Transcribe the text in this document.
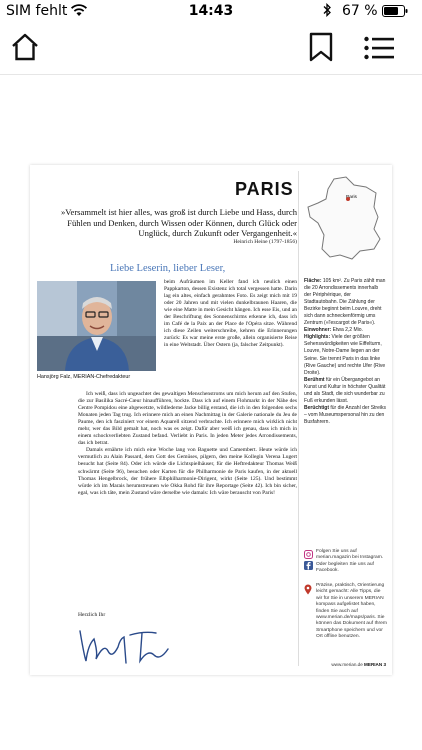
SIM fehlt	14:43	67 %
PARIS
»Versammelt ist hier alles, was groß ist durch Liebe und Hass, durch Fühlen und Denken, durch Wissen oder Können, durch Glück oder Unglück, durch Zukunft oder Vergangenheit.«
Heinrich Heine (1797-1856)
Liebe Leserin, lieber Leser,
Hansjörg Falz, MERIAN-Chefredakteur
beim Aufräumen im Keller fand ich neulich einen Pappkarton, dessen Existenz ich total vergessen hatte. Darin lag ein altes, einfach gerahmtes Foto. Es zeigt mich mit 19 oder 20 Jahren und mit vielen dunkelbraunen Haaren, die wie eine Matte in mein Gesicht hängen. Ich esse Eis, und an der Beschriftung des Sonnenschirms erkenne ich, dass ich im Café de la Paix an der Place de l'Opéra sitze. Während ich diese Zeilen weiterschreibe, kehren die Erinnerungen zurück: Es war meine erste große, allein organisierte Reise in eine Weltstadt. Über Ostern (ja, falscher Zeitpunkt).

Ich weiß, dass ich ungeachtet des gewaltigen Menschenstroms um mich herum auf den Stufen, die zur Basilika Sacré-Cœur hinaufführen, hockte. Dass ich auf einem Flohmarkt in der Nähe des Centre Pompidou eine abgewetzte, wildlederne Jacke billig erstand, die ich in den folgenden sechs Monaten jeden Tag trug. Ich erinnere mich an einen Nachmittag in der Galerie nationale du Jeu de Paume, den ich fasziniert vor einem Aquarell sitzend verbrachte. Ich erinnere mich wirklich nicht mehr, wer das Bild gemalt hat, noch was es zeigt. Dafür aber weiß ich genau, dass ich mich in einem schockverliebten Zustand befand. Verliebt in Paris. In jeden Meter jedes Arrondissements, das ich betrat.

Damals ernährte ich mich eine Woche lang von Baguette und Camembert. Heute würde ich vermutlich zu Alain Passard, dem Gott des Gemüses, pilgern, den meine Kollegin Verena Lugert besucht hat (Seite 84). Oder ich würde die Lichtspielhäuser, für die Heftredakteur Thomas Weiß schwärmt (Seite 96), besuchen oder Karten für die Philharmonie de Paris kaufen, in der aktuell Thomas Hengelbrock, der frühere Elbphilharmonie-Dirigent, wirkt (Seite 125). Und bestimmt würde ich im Marais herumstreunen wie Okka Rohd für ihre Reportage (Seite 42). Ich bin sicher, egal, was ich täte, mein Zustand wäre derselbe wie damals: Ich wäre berauscht von Paris!

Herzlich Ihr
Paris

Fläche: 105 km². Zu Paris zählt man die 20 Arrondissements innerhalb der Périphérique, der Stadtautobahn. Die Zählung der Bezirke beginnt beim Louvre, dreht sich dann schneckenförmig ums Zentrum (»l'escargot de Paris«).

Einwohner: Etwa 2,2 Mio.

Highlights: Viele der größten Sehenswürdigkeiten wie Eiffelturm, Louvre, Notre-Dame liegen an der Seine. Sie trennt Paris in das linke (Rive Gauche) und rechte Ufer (Rive Droite).

Berühmt für ein Übergangebot an Kunst und Kultur in höchster Qualität und als Stadt, die sich wunderbar zu Fuß erkunden lässt.

Berüchtigt für die Anzahl der Streiks – vom Museumspersonal hin zu den Busfahrern.

Folgen Sie uns auf merian.magazin bei Instagram. Oder begleiten Sie uns auf Facebook.
Präzise, praktisch, Orientierung leicht gemacht: Alle Tipps, die wir für Sie in unserem MERIAN kompass aufgelistet haben, finden Sie auch auf www.merian.de/maps/paris. Sie können das Dokument auf Ihrem Smartphone speichern und vor Ort offline benutzen.
www.merian.de MERIAN 3
